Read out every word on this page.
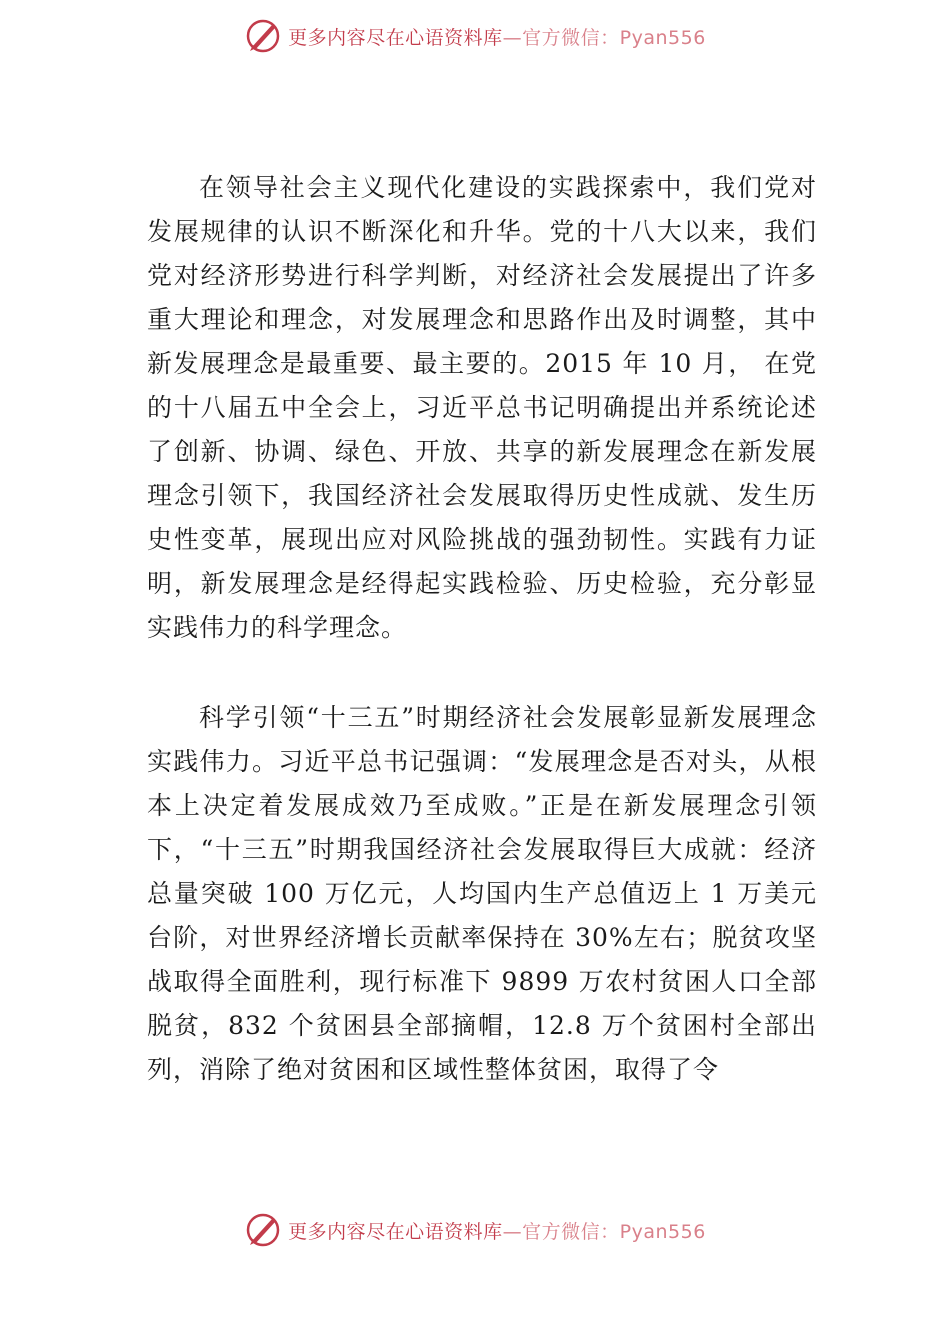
更多内容尽在心语资料库—官方微信：Pyan556

在领导社会主义现代化建设的实践探索中，我们党对发展规律的认识不断深化和升华。党的十八大以来，我们党对经济形势进行科学判断，对经济社会发展提出了许多重大理论和理念，对发展理念和思路作出及时调整，其中新发展理念是最重要、最主要的。2015 年 10 月， 在党的十八届五中全会上，习近平总书记明确提出并系统论述了创新、协调、绿色、开放、共享的新发展理念在新发展理念引领下，我国经济社会发展取得历史性成就、发生历史性变革，展现出应对风险挑战的强劲韧性。实践有力证明，新发展理念是经得起实践检验、历史检验，充分彰显实践伟力的科学理念。

科学引领“十三五”时期经济社会发展彰显新发展理念实践伟力。习近平总书记强调：“发展理念是否对头，从根本上决定着发展成效乃至成败。”正是在新发展理念引领下，“十三五”时期我国经济社会发展取得巨大成就：经济总量突破 100 万亿元，人均国内生产总值迈上 1 万美元台阶，对世界经济增长贡献率保持在 30%左右；脱贫攻坚战取得全面胜利，现行标准下 9899 万农村贫困人口全部脱贫，832 个贫困县全部摘帽，12.8 万个贫困村全部出列，消除了绝对贫困和区域性整体贫困，取得了令

更多内容尽在心语资料库—官方微信：Pyan556
